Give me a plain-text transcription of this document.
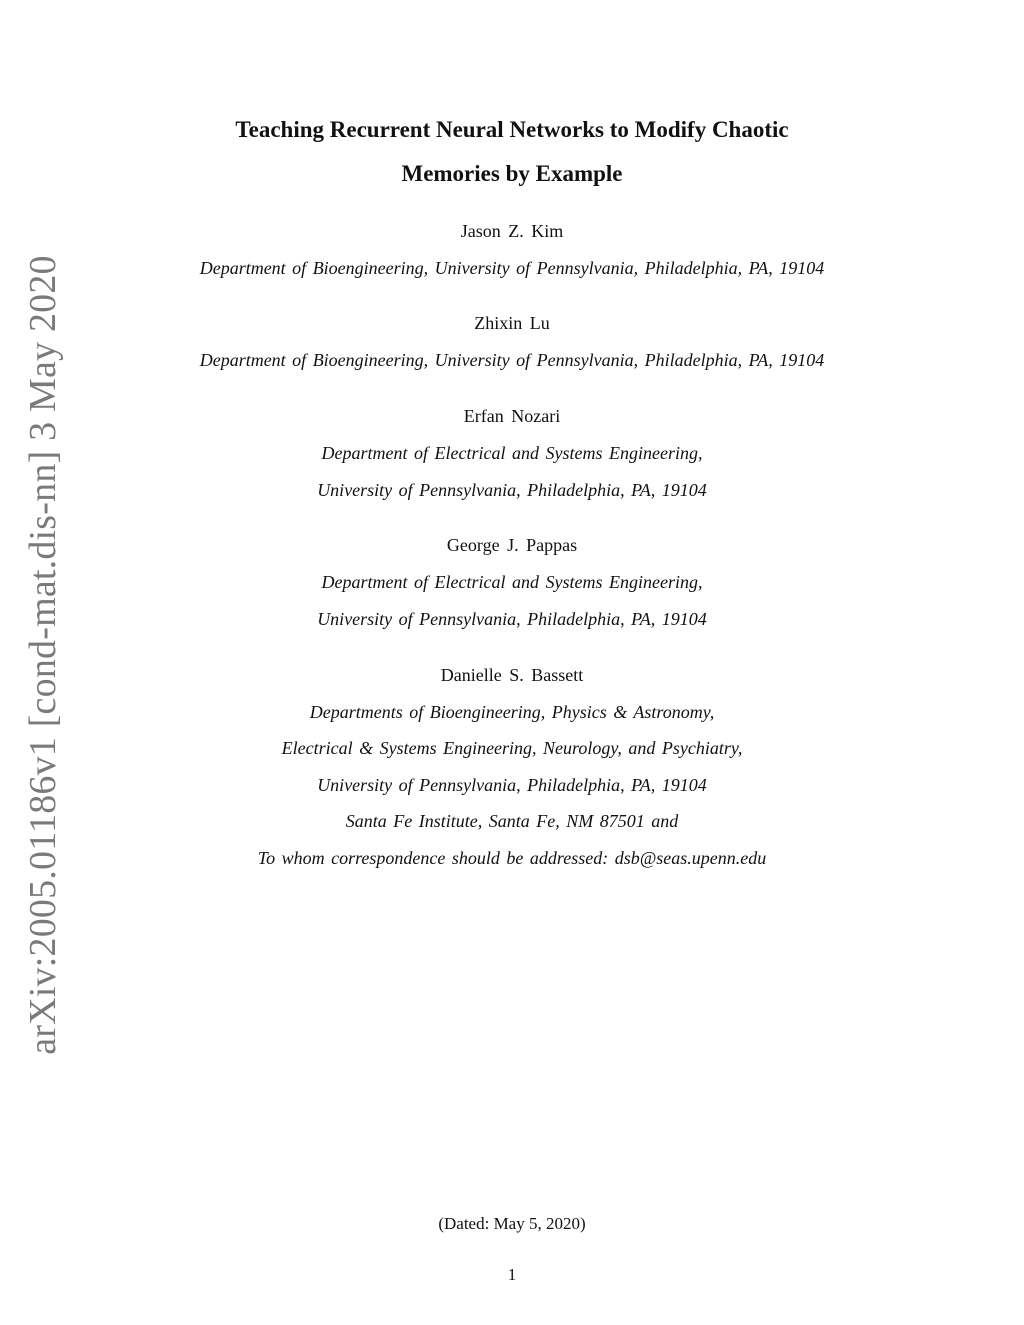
arXiv:2005.01186v1 [cond-mat.dis-nn] 3 May 2020
Teaching Recurrent Neural Networks to Modify Chaotic
Memories by Example
Jason Z. Kim
Department of Bioengineering, University of Pennsylvania, Philadelphia, PA, 19104
Zhixin Lu
Department of Bioengineering, University of Pennsylvania, Philadelphia, PA, 19104
Erfan Nozari
Department of Electrical and Systems Engineering,
University of Pennsylvania, Philadelphia, PA, 19104
George J. Pappas
Department of Electrical and Systems Engineering,
University of Pennsylvania, Philadelphia, PA, 19104
Danielle S. Bassett
Departments of Bioengineering, Physics & Astronomy,
Electrical & Systems Engineering, Neurology, and Psychiatry,
University of Pennsylvania, Philadelphia, PA, 19104
Santa Fe Institute, Santa Fe, NM 87501 and
To whom correspondence should be addressed: dsb@seas.upenn.edu
(Dated: May 5, 2020)
1
